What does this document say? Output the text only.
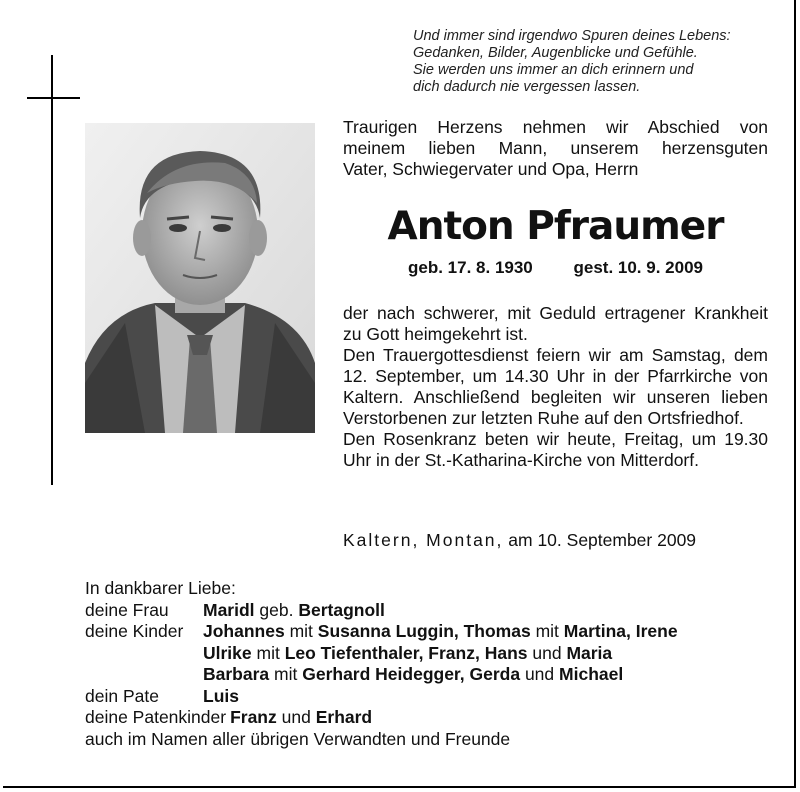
Und immer sind irgendwo Spuren deines Lebens:
Gedanken, Bilder, Augenblicke und Gefühle.
Sie werden uns immer an dich erinnern und
dich dadurch nie vergessen lassen.
Traurigen Herzens nehmen wir Abschied von
meinem lieben Mann, unserem herzensguten
Vater, Schwiegervater und Opa, Herrn
Anton Pfraumer
geb. 17. 8. 1930 gest. 10. 9. 2009

der nach schwerer, mit Geduld ertragener Krankheit zu Gott heimgekehrt ist.

Den Trauergottesdienst feiern wir am Samstag, dem 12. September, um 14.30 Uhr in der Pfarrkirche von Kaltern. Anschließend begleiten wir unseren lieben Verstorbenen zur letzten Ruhe auf den Ortsfriedhof.

Den Rosenkranz beten wir heute, Freitag, um 19.30 Uhr in der St.-Katharina-Kirche von Mitterdorf.

Kaltern, Montan, am 10. September 2009
In dankbarer Liebe:
deine Frau	Maridl geb. Bertagnoll
deine Kinder	Johannes mit Susanna Luggin, Thomas mit Martina, Irene
Ulrike mit Leo Tiefenthaler, Franz, Hans und Maria
Barbara mit Gerhard Heidegger, Gerda und Michael
dein Pate	Luis
deine Patenkinder Franz und Erhard
auch im Namen aller übrigen Verwandten und Freunde
